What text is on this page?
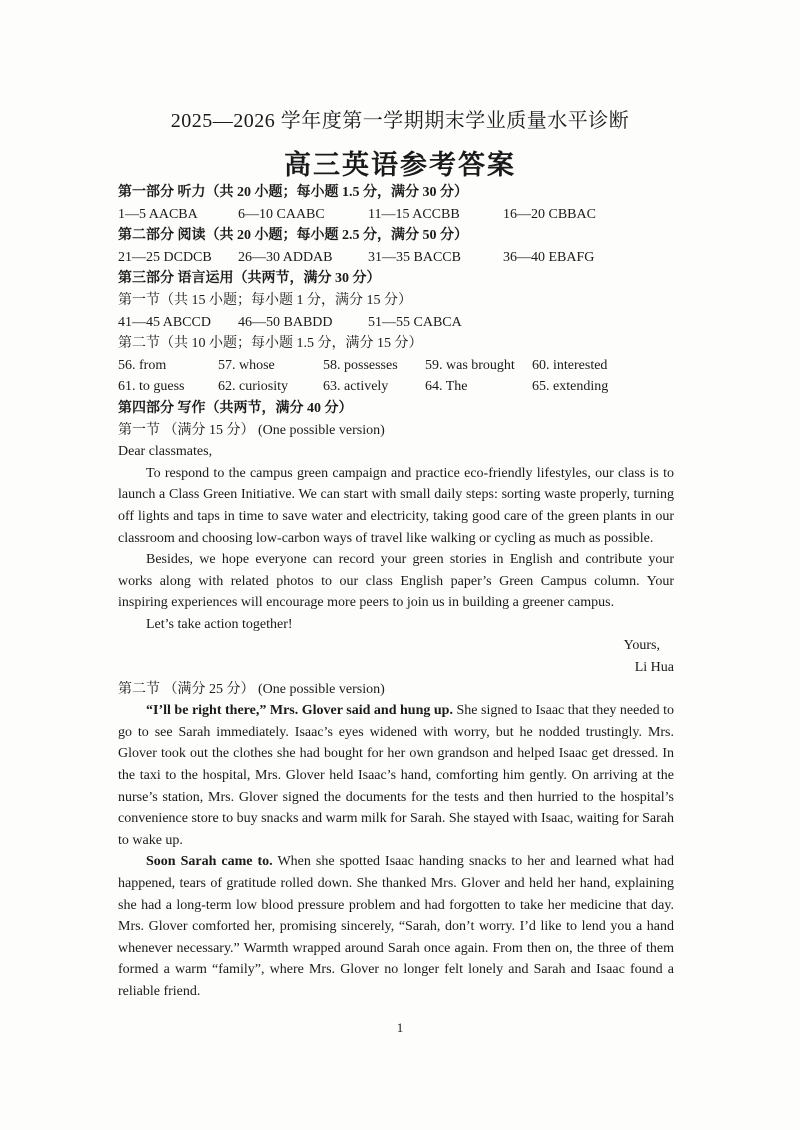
2025—2026 学年度第一学期期末学业质量水平诊断
高三英语参考答案
第一部分 听力（共 20 小题；每小题 1.5 分，满分 30 分）
1—5 AACBA	6—10 CAABC	11—15 ACCBB	16—20 CBBAC
第二部分 阅读（共 20 小题；每小题 2.5 分，满分 50 分）
21—25 DCDCB	26—30 ADDAB	31—35 BACCB	36—40 EBAFG
第三部分 语言运用（共两节，满分 30 分）
第一节（共 15 小题；每小题 1 分，满分 15 分）
41—45 ABCCD	46—50 BABDD	51—55 CABCA
第二节（共 10 小题；每小题 1.5 分，满分 15 分）
56. from	57. whose	58. possesses	59. was brought	60. interested
61. to guess	62. curiosity	63. actively	64. The	65. extending
第四部分 写作（共两节，满分 40 分）
第一节 （满分 15 分） (One possible version)
Dear classmates,

To respond to the campus green campaign and practice eco-friendly lifestyles, our class is to launch a Class Green Initiative. We can start with small daily steps: sorting waste properly, turning off lights and taps in time to save water and electricity, taking good care of the green plants in our classroom and choosing low-carbon ways of travel like walking or cycling as much as possible.

Besides, we hope everyone can record your green stories in English and contribute your works along with related photos to our class English paper’s Green Campus column. Your inspiring experiences will encourage more peers to join us in building a greener campus.

Let’s take action together!

Yours,
Li Hua
第二节 （满分 25 分） (One possible version)

“I’ll be right there,” Mrs. Glover said and hung up. She signed to Isaac that they needed to go to see Sarah immediately. Isaac’s eyes widened with worry, but he nodded trustingly. Mrs. Glover took out the clothes she had bought for her own grandson and helped Isaac get dressed. In the taxi to the hospital, Mrs. Glover held Isaac’s hand, comforting him gently. On arriving at the nurse’s station, Mrs. Glover signed the documents for the tests and then hurried to the hospital’s convenience store to buy snacks and warm milk for Sarah. She stayed with Isaac, waiting for Sarah to wake up.

Soon Sarah came to. When she spotted Isaac handing snacks to her and learned what had happened, tears of gratitude rolled down. She thanked Mrs. Glover and held her hand, explaining she had a long-term low blood pressure problem and had forgotten to take her medicine that day. Mrs. Glover comforted her, promising sincerely, “Sarah, don’t worry. I’d like to lend you a hand whenever necessary.” Warmth wrapped around Sarah once again. From then on, the three of them formed a warm “family”, where Mrs. Glover no longer felt lonely and Sarah and Isaac found a reliable friend.

1
